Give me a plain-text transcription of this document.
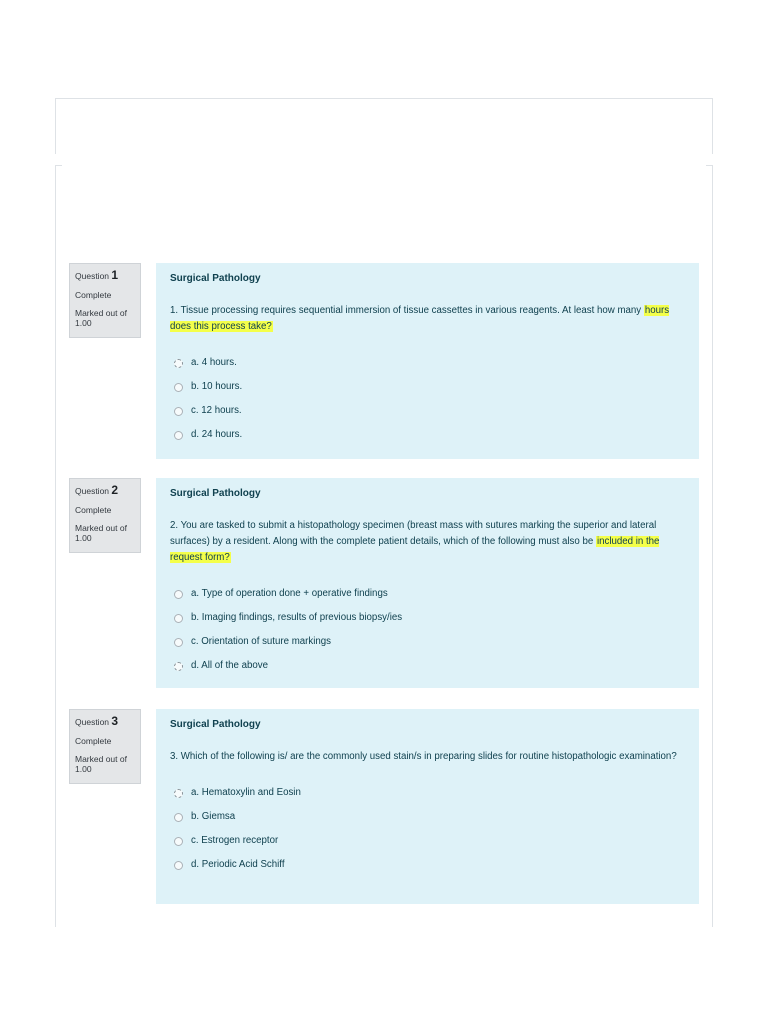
Question 1
Complete
Marked out of 1.00
Surgical Pathology
1. Tissue processing requires sequential immersion of tissue cassettes in various reagents. At least how many hours does this process take?
a. 4 hours.
b. 10 hours.
c. 12 hours.
d. 24 hours.
Question 2
Complete
Marked out of 1.00
Surgical Pathology
2. You are tasked to submit a histopathology specimen (breast mass with sutures marking the superior and lateral surfaces) by a resident. Along with the complete patient details, which of the following must also be included in the request form?
a. Type of operation done + operative findings
b. Imaging findings, results of previous biopsy/ies
c. Orientation of suture markings
d. All of the above
Question 3
Complete
Marked out of 1.00
Surgical Pathology
3. Which of the following is/ are the commonly used stain/s in preparing slides for routine histopathologic examination?
a. Hematoxylin and Eosin
b. Giemsa
c. Estrogen receptor
d. Periodic Acid Schiff
